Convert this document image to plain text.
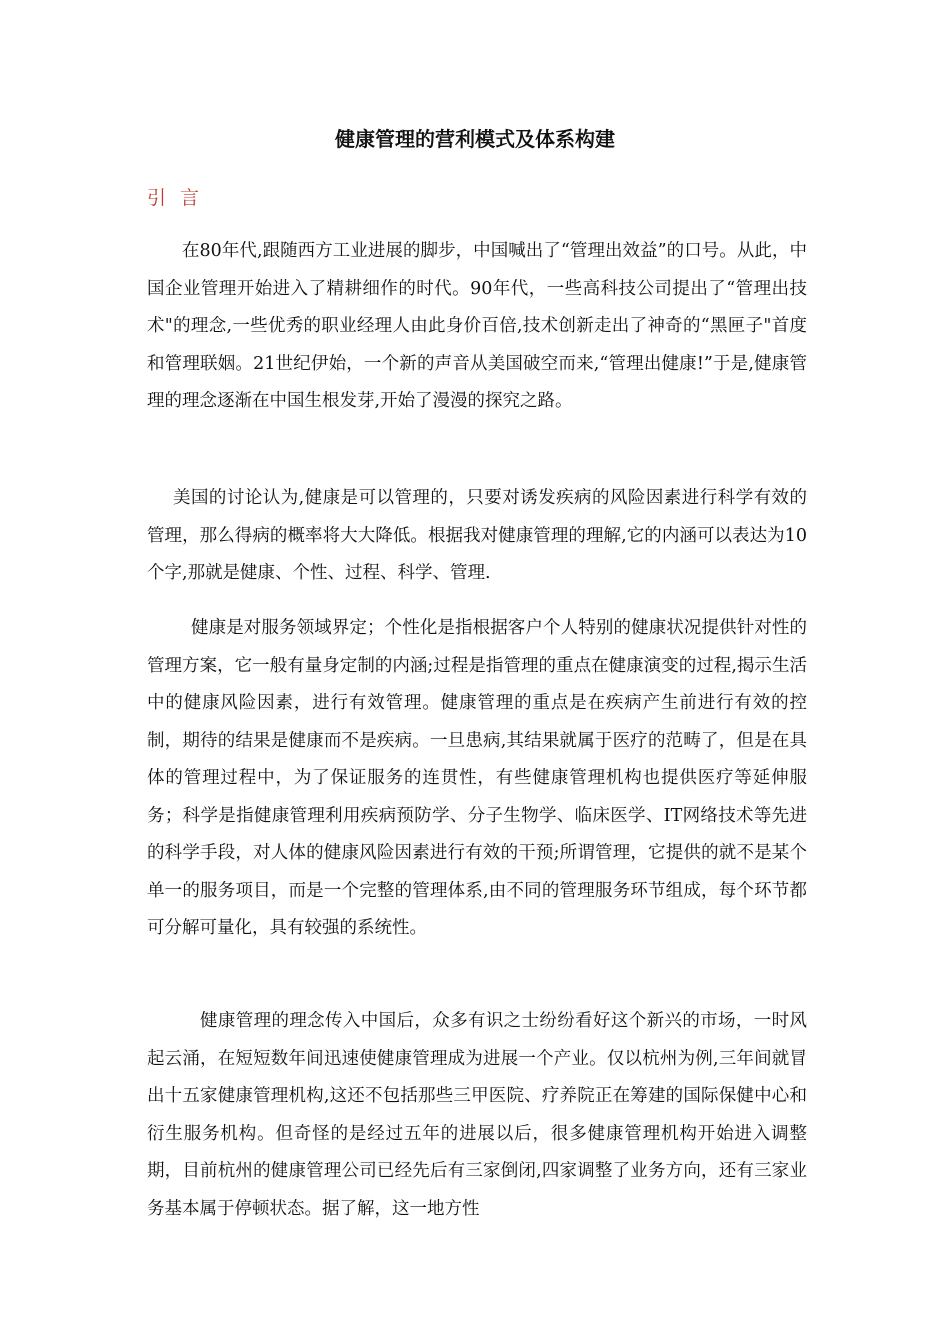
健康管理的营利模式及体系构建
引言

在80年代,跟随西方工业进展的脚步，中国喊出了“管理出效益”的口号。从此，中国企业管理开始进入了精耕细作的时代。90年代，一些高科技公司提出了“管理出技术"的理念,一些优秀的职业经理人由此身价百倍,技术创新走出了神奇的“黑匣子"首度和管理联姻。21世纪伊始，一个新的声音从美国破空而来,“管理出健康!”于是,健康管理的理念逐渐在中国生根发芽,开始了漫漫的探究之路。

美国的讨论认为,健康是可以管理的，只要对诱发疾病的风险因素进行科学有效的管理，那么得病的概率将大大降低。根据我对健康管理的理解,它的内涵可以表达为10个字,那就是健康、个性、过程、科学、管理.

健康是对服务领域界定；个性化是指根据客户个人特别的健康状况提供针对性的管理方案，它一般有量身定制的内涵;过程是指管理的重点在健康演变的过程,揭示生活中的健康风险因素，进行有效管理。健康管理的重点是在疾病产生前进行有效的控制，期待的结果是健康而不是疾病。一旦患病,其结果就属于医疗的范畴了，但是在具体的管理过程中，为了保证服务的连贯性，有些健康管理机构也提供医疗等延伸服务；科学是指健康管理利用疾病预防学、分子生物学、临床医学、IT网络技术等先进的科学手段，对人体的健康风险因素进行有效的干预;所谓管理，它提供的就不是某个单一的服务项目，而是一个完整的管理体系,由不同的管理服务环节组成，每个环节都可分解可量化，具有较强的系统性。

健康管理的理念传入中国后，众多有识之士纷纷看好这个新兴的市场，一时风起云涌，在短短数年间迅速使健康管理成为进展一个产业。仅以杭州为例,三年间就冒出十五家健康管理机构,这还不包括那些三甲医院、疗养院正在筹建的国际保健中心和衍生服务机构。但奇怪的是经过五年的进展以后，很多健康管理机构开始进入调整期，目前杭州的健康管理公司已经先后有三家倒闭,四家调整了业务方向，还有三家业务基本属于停顿状态。据了解，这一地方性
